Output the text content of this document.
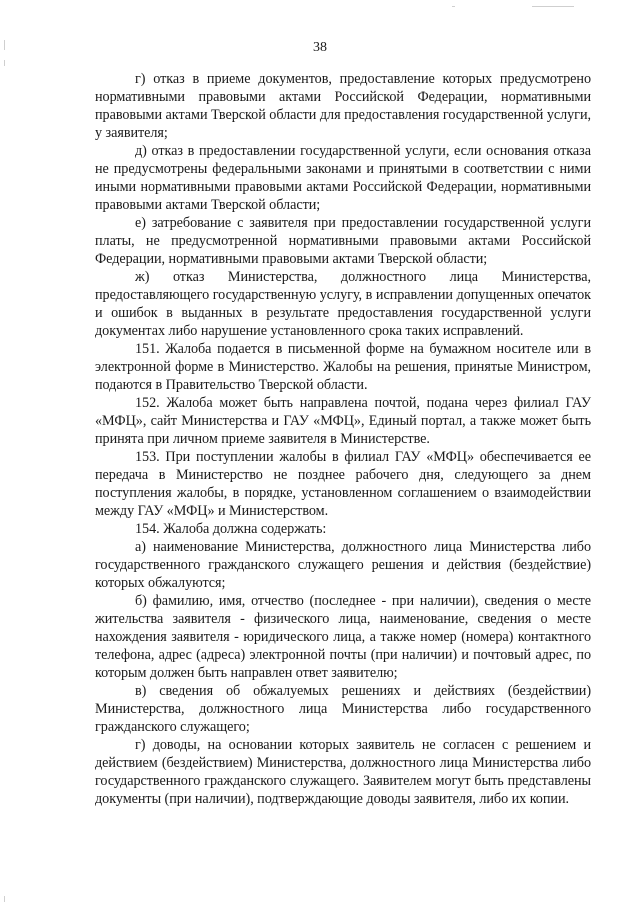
38

г) отказ в приеме документов, предоставление которых предусмотрено нормативными правовыми актами Российской Федерации, нормативными правовыми актами Тверской области для предоставления государственной услуги, у заявителя;

д) отказ в предоставлении государственной услуги, если основания отказа не предусмотрены федеральными законами и принятыми в соответствии с ними иными нормативными правовыми актами Российской Федерации, нормативными правовыми актами Тверской области;

е) затребование с заявителя при предоставлении государственной услуги платы, не предусмотренной нормативными правовыми актами Российской Федерации, нормативными правовыми актами Тверской области;

ж) отказ Министерства, должностного лица Министерства, предоставляющего государственную услугу, в исправлении допущенных опечаток и ошибок в выданных в результате предоставления государственной услуги документах либо нарушение установленного срока таких исправлений.

151. Жалоба подается в письменной форме на бумажном носителе или в электронной форме в Министерство. Жалобы на решения, принятые Министром, подаются в Правительство Тверской области.

152. Жалоба может быть направлена почтой, подана через филиал ГАУ «МФЦ», сайт Министерства и ГАУ «МФЦ», Единый портал, а также может быть принята при личном приеме заявителя в Министерстве.

153. При поступлении жалобы в филиал ГАУ «МФЦ» обеспечивается ее передача в Министерство не позднее рабочего дня, следующего за днем поступления жалобы, в порядке, установленном соглашением о взаимодействии между ГАУ «МФЦ» и Министерством.

154. Жалоба должна содержать:

а) наименование Министерства, должностного лица Министерства либо государственного гражданского служащего решения и действия (бездействие) которых обжалуются;

б) фамилию, имя, отчество (последнее - при наличии), сведения о месте жительства заявителя - физического лица, наименование, сведения о месте нахождения заявителя - юридического лица, а также номер (номера) контактного телефона, адрес (адреса) электронной почты (при наличии) и почтовый адрес, по которым должен быть направлен ответ заявителю;

в) сведения об обжалуемых решениях и действиях (бездействии) Министерства, должностного лица Министерства либо государственного гражданского служащего;

г) доводы, на основании которых заявитель не согласен с решением и действием (бездействием) Министерства, должностного лица Министерства либо государственного гражданского служащего. Заявителем могут быть представлены документы (при наличии), подтверждающие доводы заявителя, либо их копии.
